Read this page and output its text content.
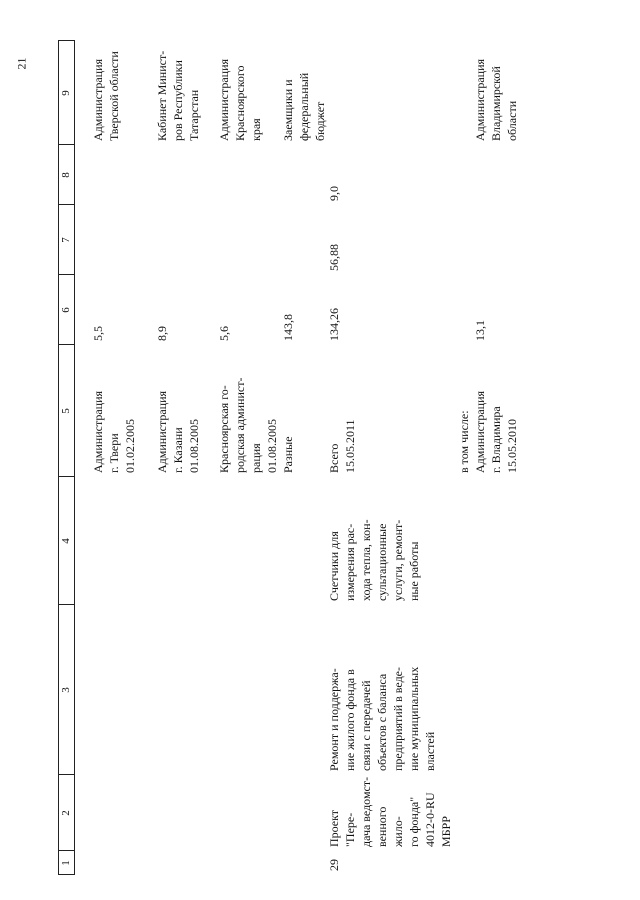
21
1
2
3
4
5
6
7
8
9
29
Проект "Пере-
дача ведомст-
венного жило-
го фонда"
4012-0-RU
МБРР
Ремонт и поддержа-
ние жилого фонда в
связи с передачей
объектов с баланса
предприятий в веде-
ние муниципальных
властей
Счетчики для
измерения рас-
хода тепла, кон-
сультационные
услуги, ремонт-
ные работы
Администрация
г. Твери
01.02.2005
5,5
Администрация
Тверской области
Администрация
г. Казани
01.08.2005
8,9
Кабинет Минист-
ров Республики
Татарстан
Красноярская го-
родская админист-
рация
01.08.2005
5,6
Администрация
Красноярского
края
Разные
143,8
Заемщики и
федеральный
бюджет
Всего
15.05.2011
134,26
56,88
9,0
в том числе:
Администрация
г. Владимира
15.05.2010
13,1
Администрация
Владимирской
области
